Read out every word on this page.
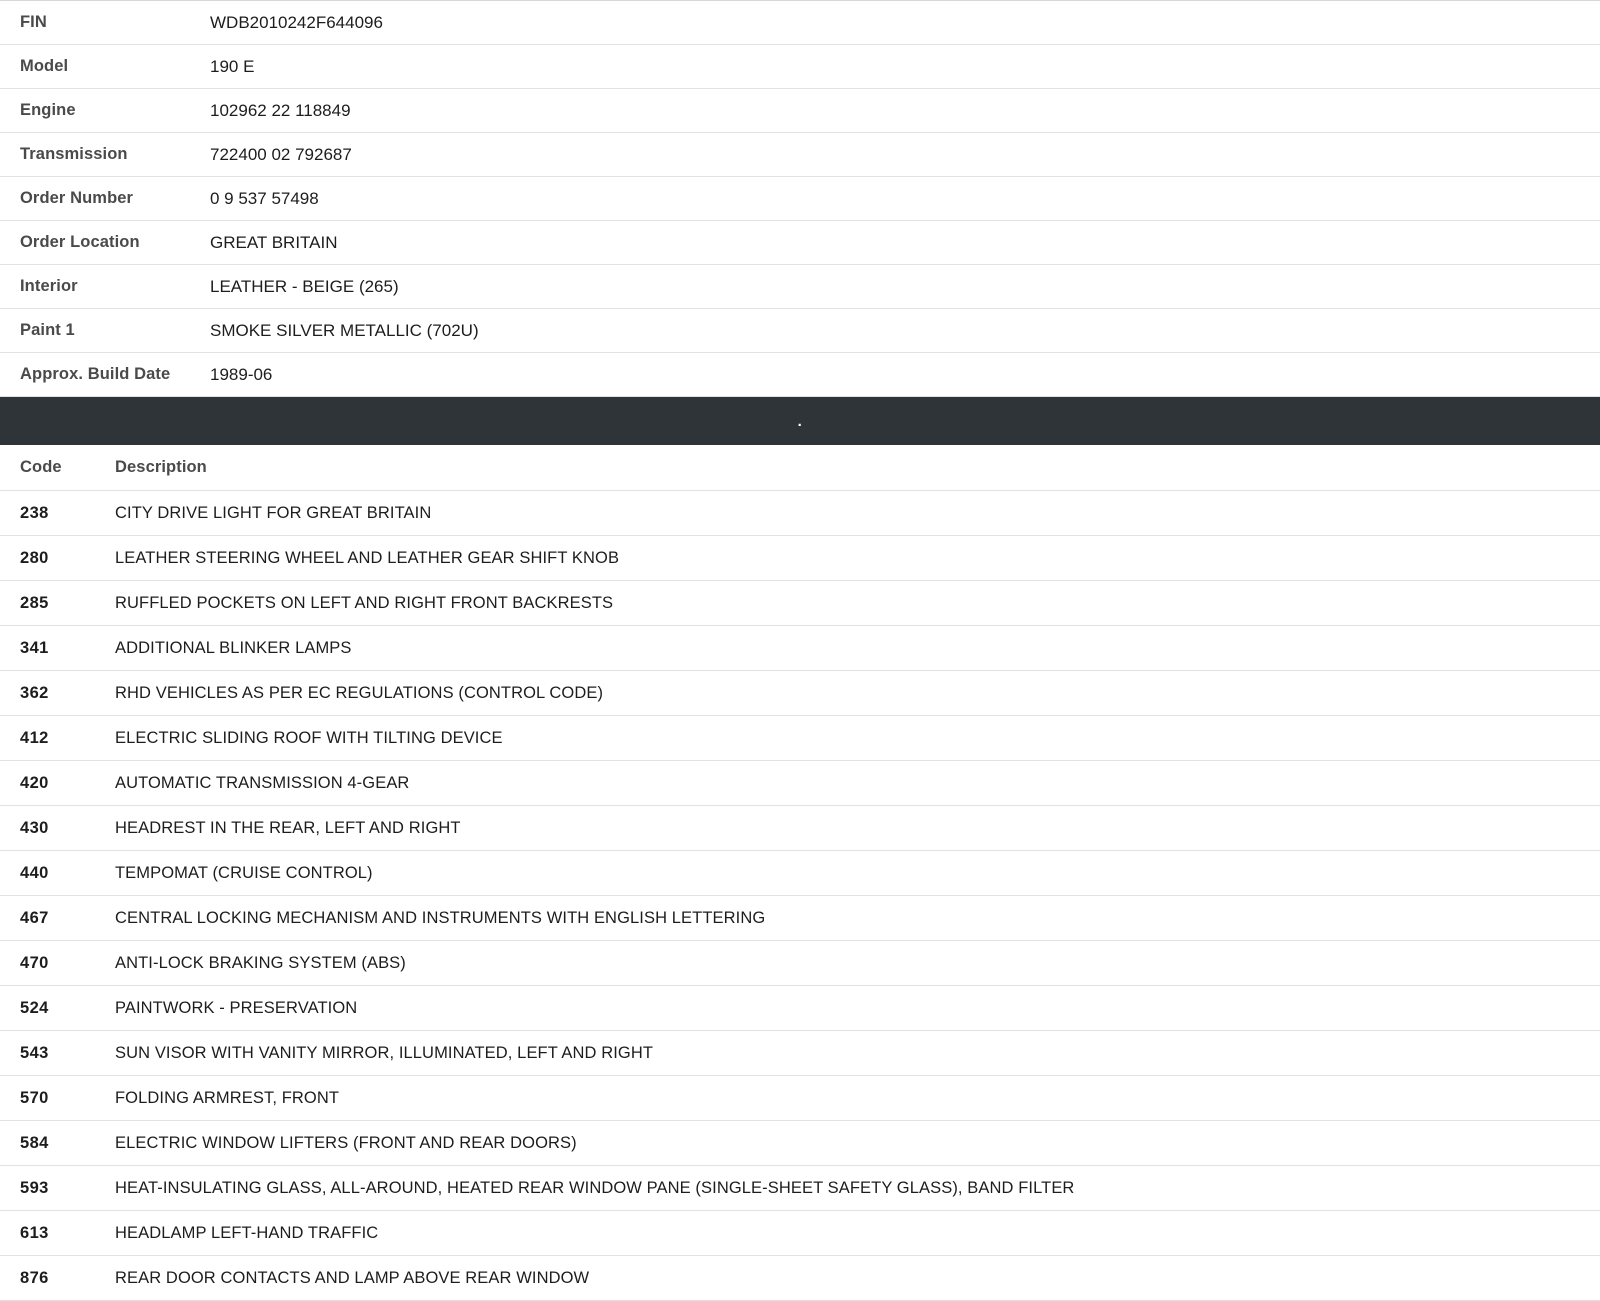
FIN	WDB2010242F644096
Model	190 E
Engine	102962 22 118849
Transmission	722400 02 792687
Order Number	0 9 537 57498
Order Location	GREAT BRITAIN
Interior	LEATHER - BEIGE (265)
Paint 1	SMOKE SILVER METALLIC (702U)
Approx. Build Date	1989-06
.
Code	Description
238	CITY DRIVE LIGHT FOR GREAT BRITAIN
280	LEATHER STEERING WHEEL AND LEATHER GEAR SHIFT KNOB
285	RUFFLED POCKETS ON LEFT AND RIGHT FRONT BACKRESTS
341	ADDITIONAL BLINKER LAMPS
362	RHD VEHICLES AS PER EC REGULATIONS (CONTROL CODE)
412	ELECTRIC SLIDING ROOF WITH TILTING DEVICE
420	AUTOMATIC TRANSMISSION 4-GEAR
430	HEADREST IN THE REAR, LEFT AND RIGHT
440	TEMPOMAT (CRUISE CONTROL)
467	CENTRAL LOCKING MECHANISM AND INSTRUMENTS WITH ENGLISH LETTERING
470	ANTI-LOCK BRAKING SYSTEM (ABS)
524	PAINTWORK - PRESERVATION
543	SUN VISOR WITH VANITY MIRROR, ILLUMINATED, LEFT AND RIGHT
570	FOLDING ARMREST, FRONT
584	ELECTRIC WINDOW LIFTERS (FRONT AND REAR DOORS)
593	HEAT-INSULATING GLASS, ALL-AROUND, HEATED REAR WINDOW PANE (SINGLE-SHEET SAFETY GLASS), BAND FILTER
613	HEADLAMP LEFT-HAND TRAFFIC
876	REAR DOOR CONTACTS AND LAMP ABOVE REAR WINDOW
